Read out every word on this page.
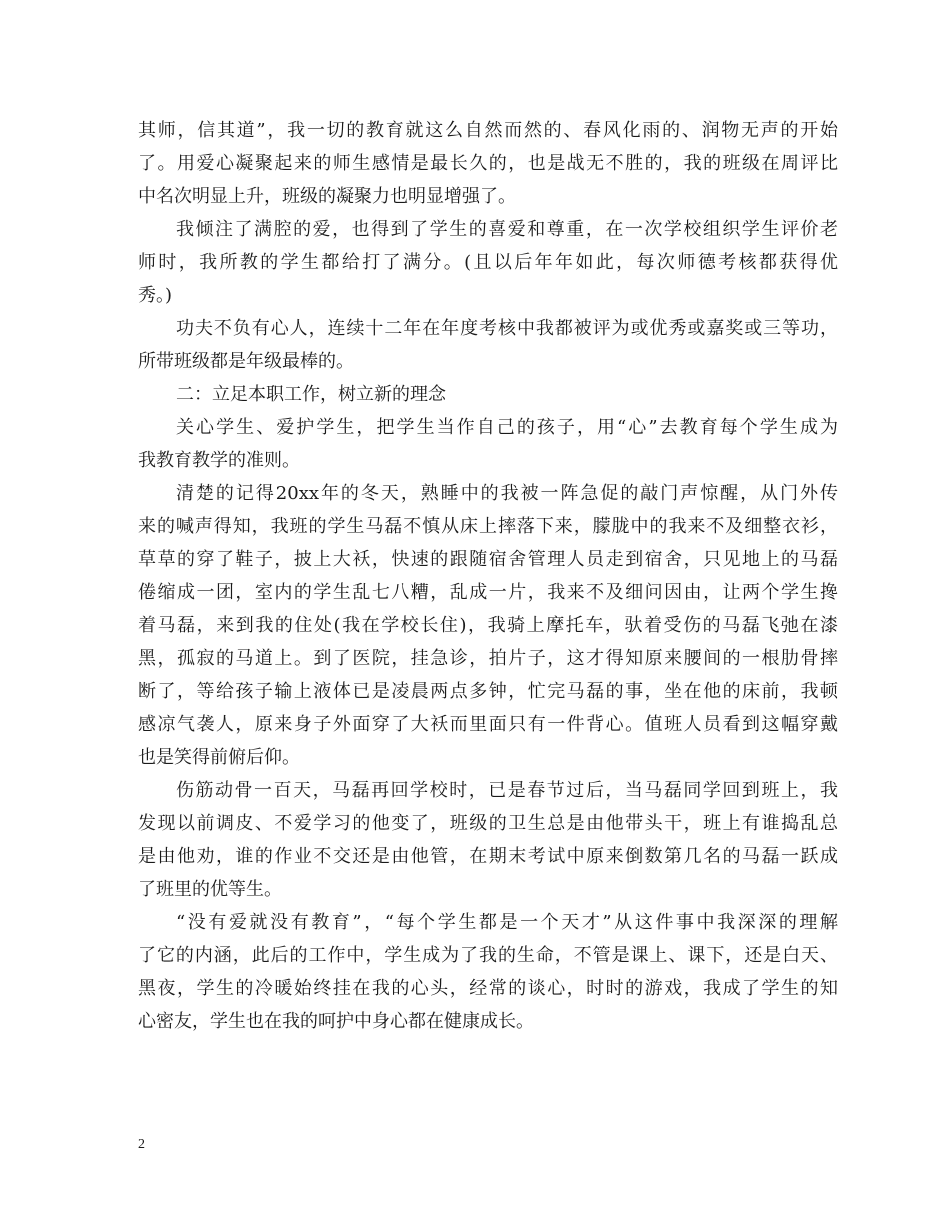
其师，信其道”，我一切的教育就这么自然而然的、春风化雨的、润物无声的开始
了。用爱心凝聚起来的师生感情是最长久的，也是战无不胜的，我的班级在周评比
中名次明显上升，班级的凝聚力也明显增强了。

我倾注了满腔的爱，也得到了学生的喜爱和尊重，在一次学校组织学生评价老
师时，我所教的学生都给打了满分。(且以后年年如此，每次师德考核都获得优
秀。)

功夫不负有心人，连续十二年在年度考核中我都被评为或优秀或嘉奖或三等功，
所带班级都是年级最棒的。

二：立足本职工作，树立新的理念

关心学生、爱护学生，把学生当作自己的孩子，用“心”去教育每个学生成为
我教育教学的准则。

清楚的记得20xx年的冬天，熟睡中的我被一阵急促的敲门声惊醒，从门外传
来的喊声得知，我班的学生马磊不慎从床上摔落下来，朦胧中的我来不及细整衣衫，
草草的穿了鞋子，披上大袄，快速的跟随宿舍管理人员走到宿舍，只见地上的马磊
倦缩成一团，室内的学生乱七八糟，乱成一片，我来不及细问因由，让两个学生搀
着马磊，来到我的住处(我在学校长住)，我骑上摩托车，驮着受伤的马磊飞弛在漆
黑，孤寂的马道上。到了医院，挂急诊，拍片子，这才得知原来腰间的一根肋骨摔
断了，等给孩子输上液体已是凌晨两点多钟，忙完马磊的事，坐在他的床前，我顿
感凉气袭人，原来身子外面穿了大袄而里面只有一件背心。值班人员看到这幅穿戴
也是笑得前俯后仰。

伤筋动骨一百天，马磊再回学校时，已是春节过后，当马磊同学回到班上，我
发现以前调皮、不爱学习的他变了，班级的卫生总是由他带头干，班上有谁捣乱总
是由他劝，谁的作业不交还是由他管，在期末考试中原来倒数第几名的马磊一跃成
了班里的优等生。

“没有爱就没有教育”，“每个学生都是一个天才”从这件事中我深深的理解
了它的内涵，此后的工作中，学生成为了我的生命，不管是课上、课下，还是白天、
黑夜，学生的冷暖始终挂在我的心头，经常的谈心，时时的游戏，我成了学生的知
心密友，学生也在我的呵护中身心都在健康成长。

2
